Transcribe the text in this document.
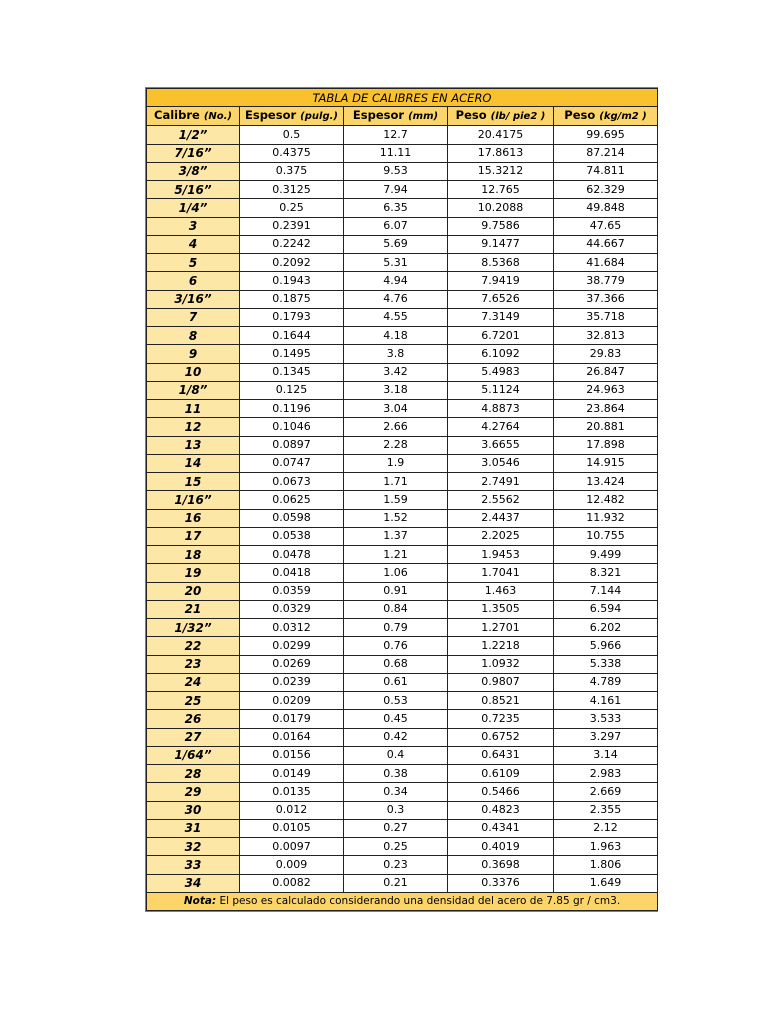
TABLA DE CALIBRES EN ACERO				
Calibre (No.)	Espesor (pulg.)	Espesor (mm)	Peso (lb/ pie2 )	Peso (kg/m2 )
1/2”	0.5	12.7	20.4175	99.695
7/16”	0.4375	11.11	17.8613	87.214
3/8”	0.375	9.53	15.3212	74.811
5/16”	0.3125	7.94	12.765	62.329
1/4”	0.25	6.35	10.2088	49.848
3	0.2391	6.07	9.7586	47.65
4	0.2242	5.69	9.1477	44.667
5	0.2092	5.31	8.5368	41.684
6	0.1943	4.94	7.9419	38.779
3/16”	0.1875	4.76	7.6526	37.366
7	0.1793	4.55	7.3149	35.718
8	0.1644	4.18	6.7201	32.813
9	0.1495	3.8	6.1092	29.83
10	0.1345	3.42	5.4983	26.847
1/8”	0.125	3.18	5.1124	24.963
11	0.1196	3.04	4.8873	23.864
12	0.1046	2.66	4.2764	20.881
13	0.0897	2.28	3.6655	17.898
14	0.0747	1.9	3.0546	14.915
15	0.0673	1.71	2.7491	13.424
1/16”	0.0625	1.59	2.5562	12.482
16	0.0598	1.52	2.4437	11.932
17	0.0538	1.37	2.2025	10.755
18	0.0478	1.21	1.9453	9.499
19	0.0418	1.06	1.7041	8.321
20	0.0359	0.91	1.463	7.144
21	0.0329	0.84	1.3505	6.594
1/32”	0.0312	0.79	1.2701	6.202
22	0.0299	0.76	1.2218	5.966
23	0.0269	0.68	1.0932	5.338
24	0.0239	0.61	0.9807	4.789
25	0.0209	0.53	0.8521	4.161
26	0.0179	0.45	0.7235	3.533
27	0.0164	0.42	0.6752	3.297
1/64”	0.0156	0.4	0.6431	3.14
28	0.0149	0.38	0.6109	2.983
29	0.0135	0.34	0.5466	2.669
30	0.012	0.3	0.4823	2.355
31	0.0105	0.27	0.4341	2.12
32	0.0097	0.25	0.4019	1.963
33	0.009	0.23	0.3698	1.806
34	0.0082	0.21	0.3376	1.649
Nota: El peso es calculado considerando una densidad del acero de 7.85 gr / cm3.				
